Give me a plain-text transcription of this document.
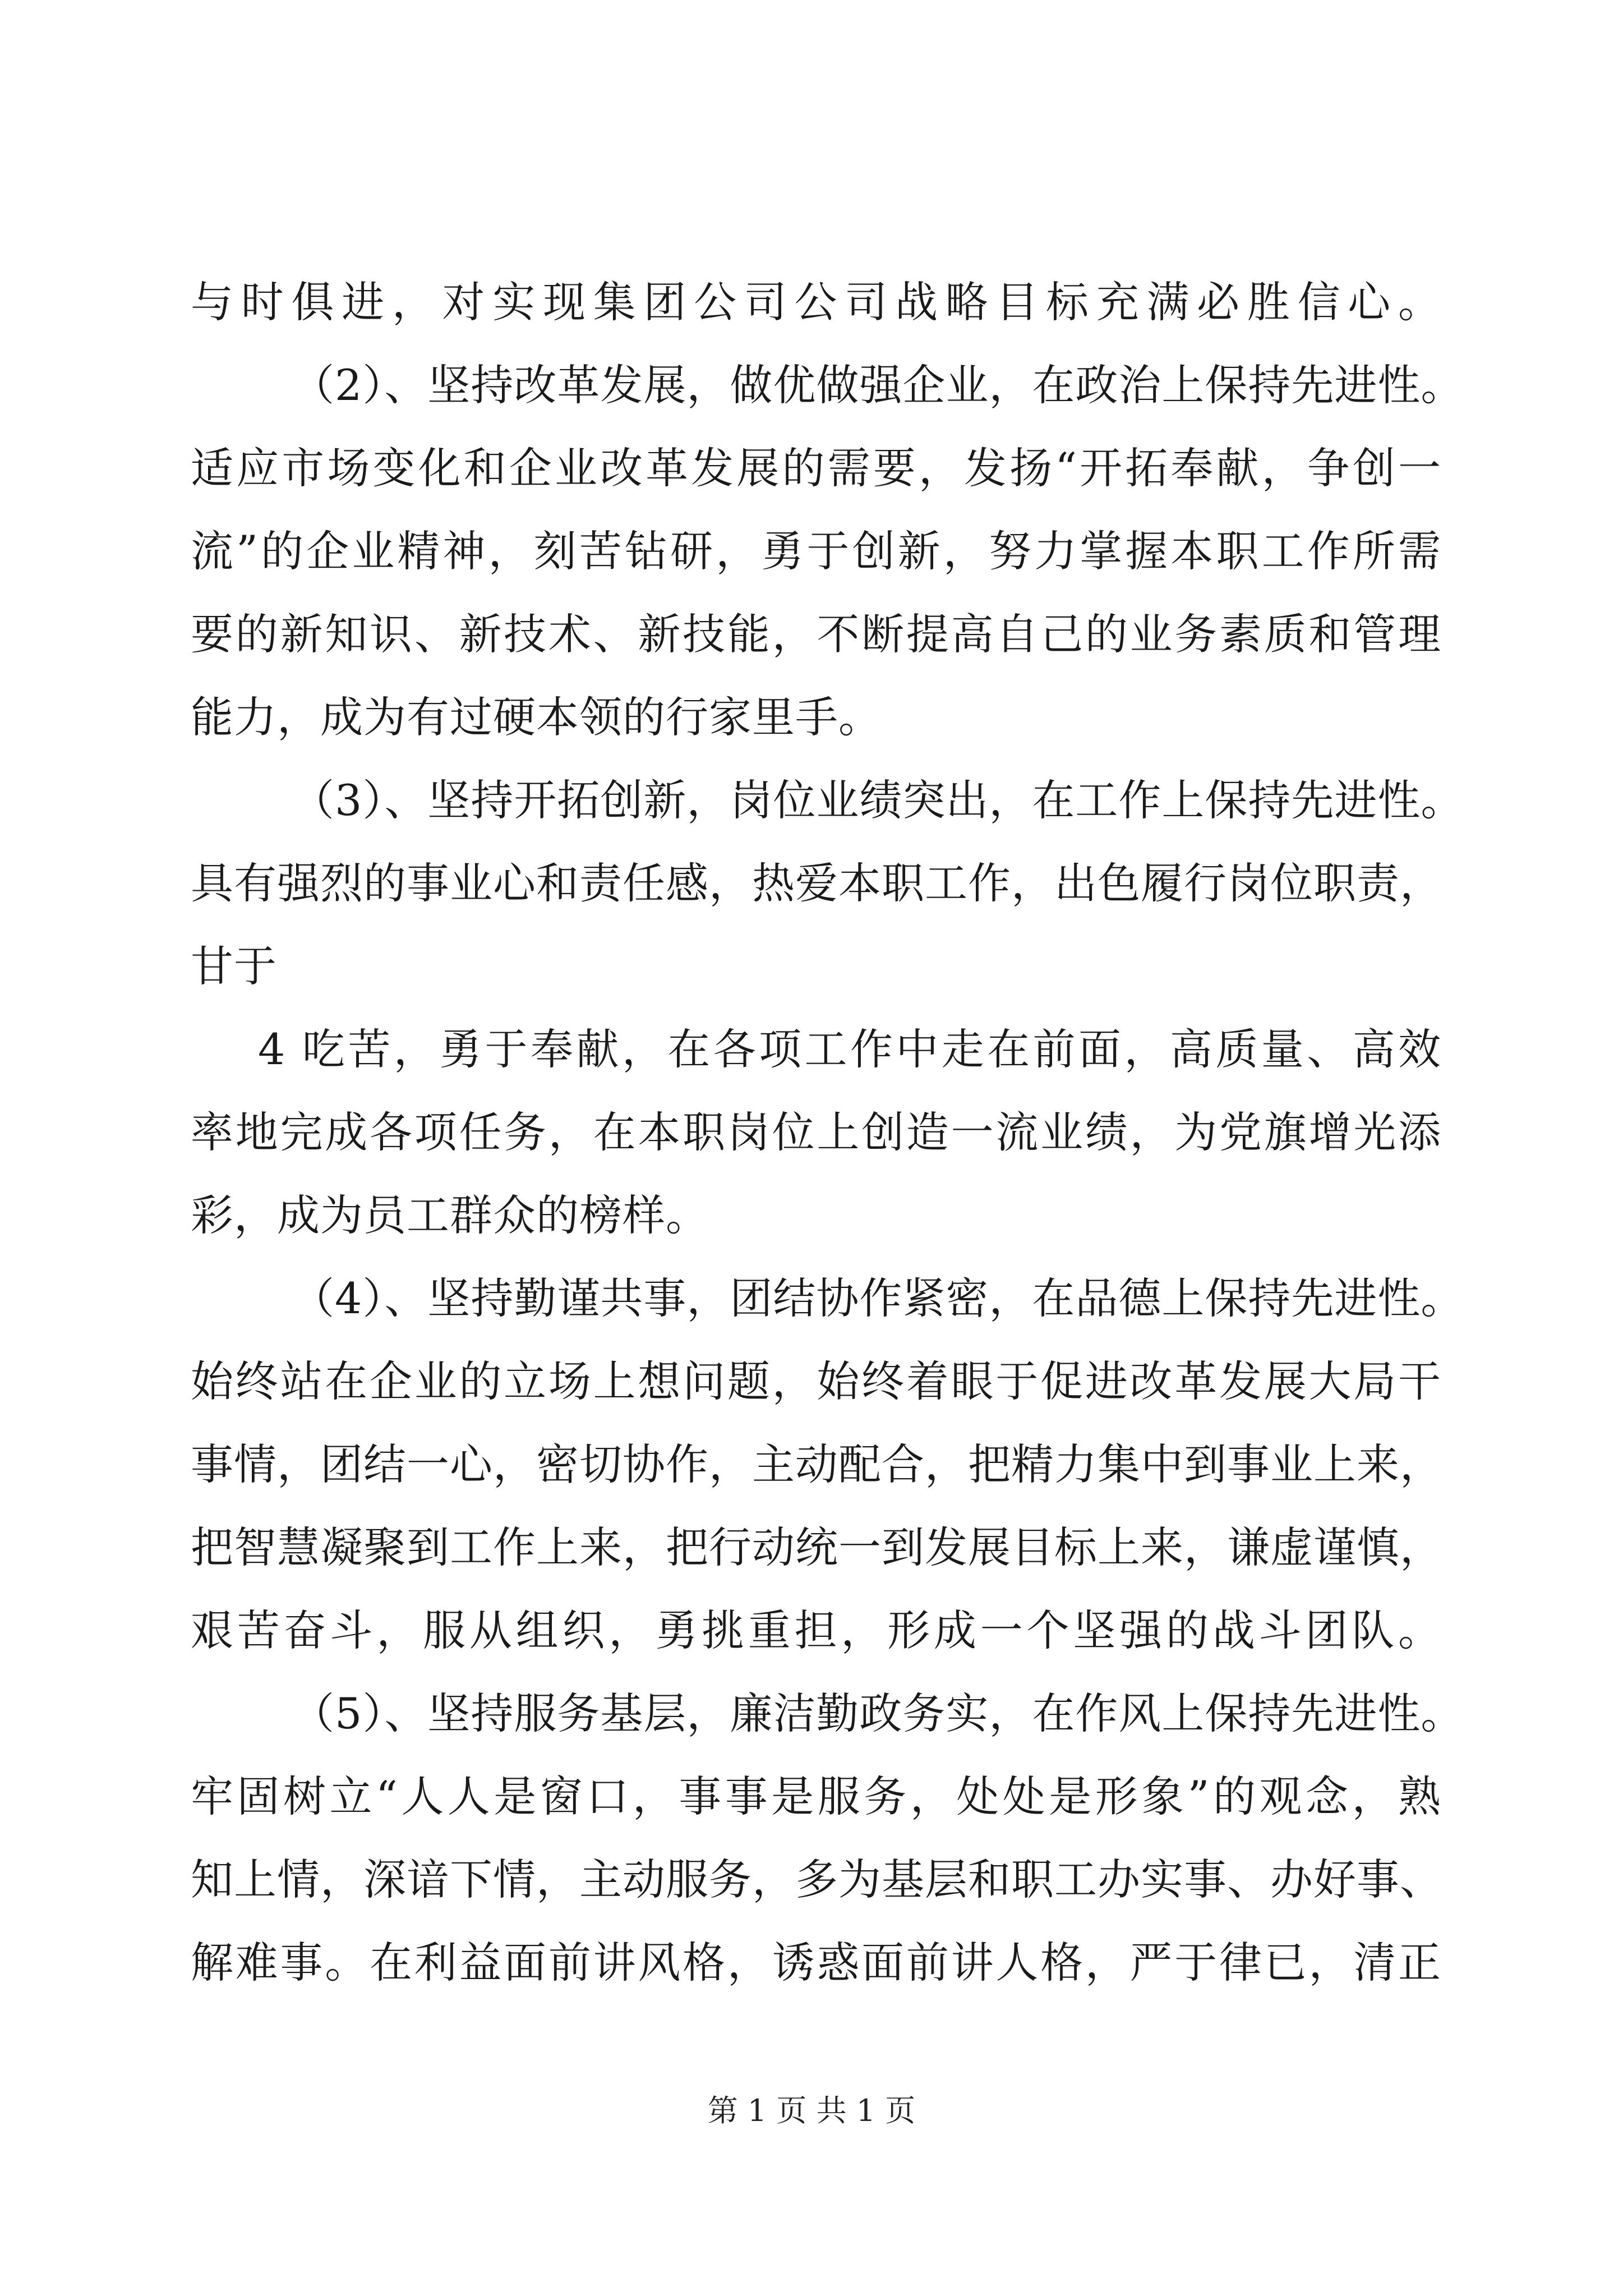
与时俱进，对实现集团公司公司战略目标充满必胜信心。
（2）、坚持改革发展，做优做强企业，在政治上保持先进性。
适应市场变化和企业改革发展的需要，发扬“开拓奉献，争创一
流”的企业精神，刻苦钻研，勇于创新，努力掌握本职工作所需
要的新知识、新技术、新技能，不断提高自己的业务素质和管理
能力，成为有过硬本领的行家里手。
（3）、坚持开拓创新，岗位业绩突出，在工作上保持先进性。
具有强烈的事业心和责任感，热爱本职工作，出色履行岗位职责，
甘于
4 吃苦，勇于奉献，在各项工作中走在前面，高质量、高效
率地完成各项任务，在本职岗位上创造一流业绩，为党旗增光添
彩，成为员工群众的榜样。
（4）、坚持勤谨共事，团结协作紧密，在品德上保持先进性。
始终站在企业的立场上想问题，始终着眼于促进改革发展大局干
事情，团结一心，密切协作，主动配合，把精力集中到事业上来，
把智慧凝聚到工作上来，把行动统一到发展目标上来，谦虚谨慎，
艰苦奋斗，服从组织，勇挑重担，形成一个坚强的战斗团队。
（5）、坚持服务基层，廉洁勤政务实，在作风上保持先进性。
牢固树立“人人是窗口，事事是服务，处处是形象”的观念，熟
知上情，深谙下情，主动服务，多为基层和职工办实事、办好事、
解难事。在利益面前讲风格，诱惑面前讲人格，严于律已，清正
第 1 页 共 1 页
